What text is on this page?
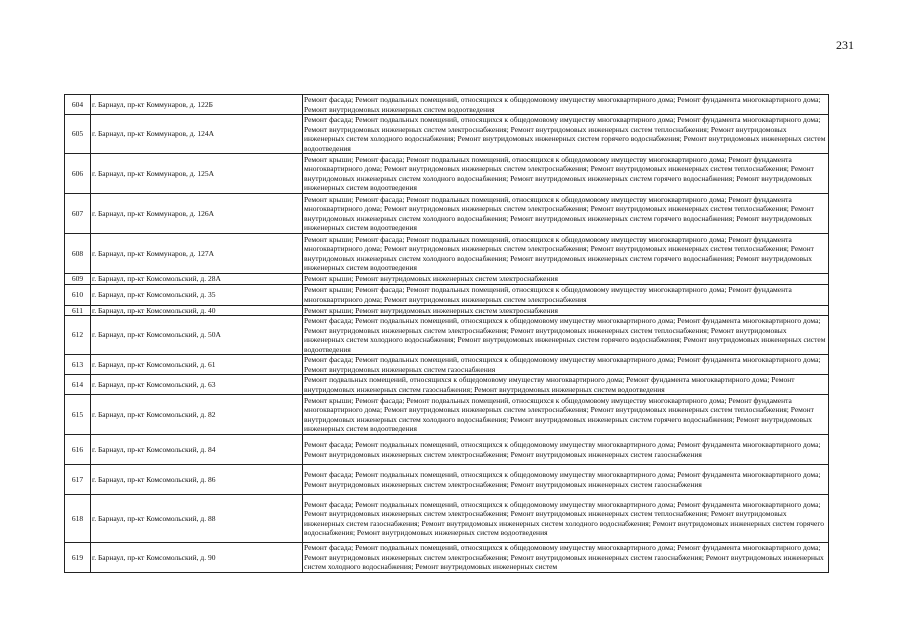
231
604	г. Барнаул, пр-кт Коммунаров, д. 122Б	Ремонт фасада; Ремонт подвальных помещений, относящихся к общедомовому имуществу многоквартирного дома; Ремонт фундамента многоквартирного дома; Ремонт внутридомовых инженерных систем водоотведения
605	г. Барнаул, пр-кт Коммунаров, д. 124А	Ремонт фасада; Ремонт подвальных помещений, относящихся к общедомовому имуществу многоквартирного дома; Ремонт фундамента многоквартирного дома; Ремонт внутридомовых инженерных систем электроснабжения; Ремонт внутридомовых инженерных систем теплоснабжения; Ремонт внутридомовых инженерных систем холодного водоснабжения; Ремонт внутридомовых инженерных систем горячего водоснабжения; Ремонт внутридомовых инженерных систем водоотведения
606	г. Барнаул, пр-кт Коммунаров, д. 125А	Ремонт крыши; Ремонт фасада; Ремонт подвальных помещений, относящихся к общедомовому имуществу многоквартирного дома; Ремонт фундамента многоквартирного дома; Ремонт внутридомовых инженерных систем электроснабжения; Ремонт внутридомовых инженерных систем теплоснабжения; Ремонт внутридомовых инженерных систем холодного водоснабжения; Ремонт внутридомовых инженерных систем горячего водоснабжения; Ремонт внутридомовых инженерных систем водоотведения
607	г. Барнаул, пр-кт Коммунаров, д. 126А	Ремонт крыши; Ремонт фасада; Ремонт подвальных помещений, относящихся к общедомовому имуществу многоквартирного дома; Ремонт фундамента многоквартирного дома; Ремонт внутридомовых инженерных систем электроснабжения; Ремонт внутридомовых инженерных систем теплоснабжения; Ремонт внутридомовых инженерных систем холодного водоснабжения; Ремонт внутридомовых инженерных систем горячего водоснабжения; Ремонт внутридомовых инженерных систем водоотведения
608	г. Барнаул, пр-кт Коммунаров, д. 127А	Ремонт крыши; Ремонт фасада; Ремонт подвальных помещений, относящихся к общедомовому имуществу многоквартирного дома; Ремонт фундамента многоквартирного дома; Ремонт внутридомовых инженерных систем электроснабжения; Ремонт внутридомовых инженерных систем теплоснабжения; Ремонт внутридомовых инженерных систем холодного водоснабжения; Ремонт внутридомовых инженерных систем горячего водоснабжения; Ремонт внутридомовых инженерных систем водоотведения
609	г. Барнаул, пр-кт Комсомольский, д. 28А	Ремонт крыши; Ремонт внутридомовых инженерных систем электроснабжения
610	г. Барнаул, пр-кт Комсомольский, д. 35	Ремонт крыши; Ремонт фасада; Ремонт подвальных помещений, относящихся к общедомовому имуществу многоквартирного дома; Ремонт фундамента многоквартирного дома; Ремонт внутридомовых инженерных систем электроснабжения
611	г. Барнаул, пр-кт Комсомольский, д. 40	Ремонт крыши; Ремонт внутридомовых инженерных систем электроснабжения
612	г. Барнаул, пр-кт Комсомольский, д. 50А	Ремонт фасада; Ремонт подвальных помещений, относящихся к общедомовому имуществу многоквартирного дома; Ремонт фундамента многоквартирного дома; Ремонт внутридомовых инженерных систем электроснабжения; Ремонт внутридомовых инженерных систем теплоснабжения; Ремонт внутридомовых инженерных систем холодного водоснабжения; Ремонт внутридомовых инженерных систем горячего водоснабжения; Ремонт внутридомовых инженерных систем водоотведения
613	г. Барнаул, пр-кт Комсомольский, д. 61	Ремонт фасада; Ремонт подвальных помещений, относящихся к общедомовому имуществу многоквартирного дома; Ремонт фундамента многоквартирного дома; Ремонт внутридомовых инженерных систем газоснабжения
614	г. Барнаул, пр-кт Комсомольский, д. 63	Ремонт подвальных помещений, относящихся к общедомовому имуществу многоквартирного дома; Ремонт фундамента многоквартирного дома; Ремонт внутридомовых инженерных систем газоснабжения; Ремонт внутридомовых инженерных систем водоотведения
615	г. Барнаул, пр-кт Комсомольский, д. 82	Ремонт крыши; Ремонт фасада; Ремонт подвальных помещений, относящихся к общедомовому имуществу многоквартирного дома; Ремонт фундамента многоквартирного дома; Ремонт внутридомовых инженерных систем электроснабжения; Ремонт внутридомовых инженерных систем теплоснабжения; Ремонт внутридомовых инженерных систем холодного водоснабжения; Ремонт внутридомовых инженерных систем горячего водоснабжения; Ремонт внутридомовых инженерных систем водоотведения
616	г. Барнаул, пр-кт Комсомольский, д. 84	Ремонт фасада; Ремонт подвальных помещений, относящихся к общедомовому имуществу многоквартирного дома; Ремонт фундамента многоквартирного дома; Ремонт внутридомовых инженерных систем электроснабжения; Ремонт внутридомовых инженерных систем газоснабжения
617	г. Барнаул, пр-кт Комсомольский, д. 86	Ремонт фасада; Ремонт подвальных помещений, относящихся к общедомовому имуществу многоквартирного дома; Ремонт фундамента многоквартирного дома; Ремонт внутридомовых инженерных систем электроснабжения; Ремонт внутридомовых инженерных систем газоснабжения
618	г. Барнаул, пр-кт Комсомольский, д. 88	Ремонт фасада; Ремонт подвальных помещений, относящихся к общедомовому имуществу многоквартирного дома; Ремонт фундамента многоквартирного дома; Ремонт внутридомовых инженерных систем электроснабжения; Ремонт внутридомовых инженерных систем теплоснабжения; Ремонт внутридомовых инженерных систем газоснабжения; Ремонт внутридомовых инженерных систем холодного водоснабжения; Ремонт внутридомовых инженерных систем горячего водоснабжения; Ремонт внутридомовых инженерных систем водоотведения
619	г. Барнаул, пр-кт Комсомольский, д. 90	Ремонт фасада; Ремонт подвальных помещений, относящихся к общедомовому имуществу многоквартирного дома; Ремонт фундамента многоквартирного дома; Ремонт внутридомовых инженерных систем электроснабжения; Ремонт внутридомовых инженерных систем газоснабжения; Ремонт внутридомовых инженерных систем холодного водоснабжения; Ремонт внутридомовых инженерных систем
